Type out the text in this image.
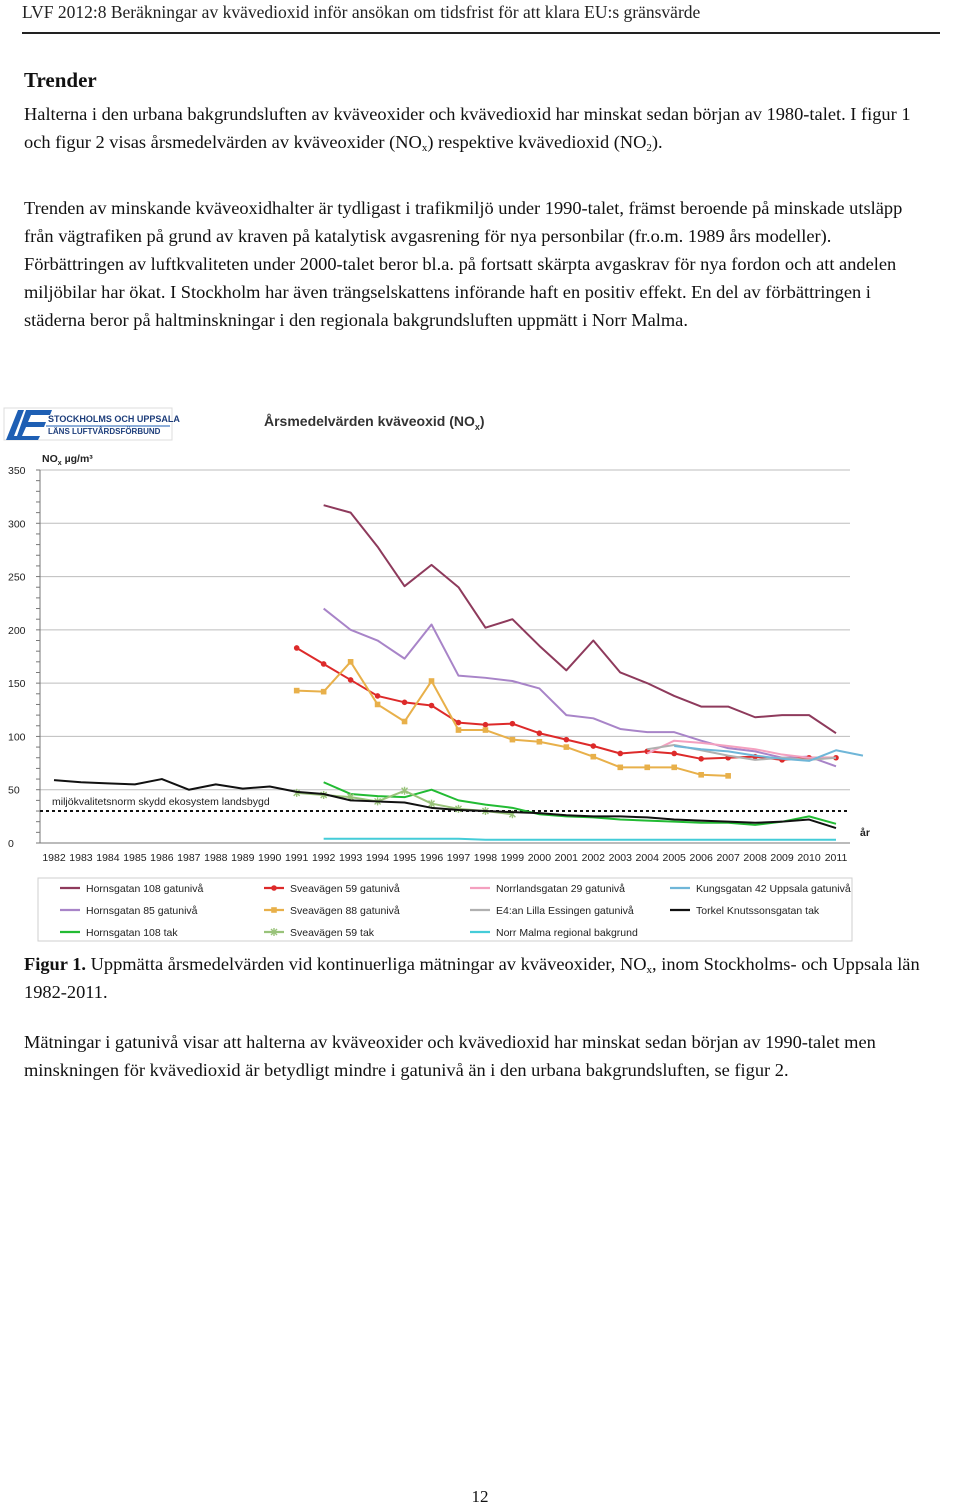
LVF 2012:8 Beräkningar av kvävedioxid inför ansökan om tidsfrist för att klara EU:s gränsvärde
Trender

Halterna i den urbana bakgrundsluften av kväveoxider och kvävedioxid har minskat sedan början av 1980-talet. I figur 1 och figur 2 visas årsmedelvärden av kväveoxider $(NO_x)$ respektive kvävedioxid $(NO_2)$.

Trenden av minskande kväveoxidhalter är tydligast i trafikmiljö under 1990-talet, främst beroende på minskade utsläpp från vägtrafiken på grund av kraven på katalytisk avgasrening för nya personbilar (fr.o.m. 1989 års modeller). Förbättringen av luftkvaliteten under 2000-talet beror bl.a. på fortsatt skärpta avgaskrav för nya fordon och att andelen miljöbilar har ökat. I Stockholm har även trängselskattens införande haft en positiv effekt. En del av förbättringen i städerna beror på haltminskningar i den regionala bakgrundsluften uppmätt i Norr Malma.

STOCKHOLMS OCH UPPSALA
LÄNS LUFTVÅRDSFÖRBUND
Årsmedelvärden kväveoxid $(NO_x)$
$NO_x$ µg/m³
år
0
50
100
150
200
250
300
350
1982 1983 1984 1985 1986 1987 1988 1989 1990 1991 1992 1993 1994 1995 1996 1997 1998 1999 2000 2001 2002 2003 2004 2005 2006 2007 2008 2009 2010 2011
miljökvalitetsnorm skydd ekosystem landsbygd
Hornsgatan 108 gatunivå
Hornsgatan 85 gatunivå
Hornsgatan 108 tak
Sveavägen 59 gatunivå
Sveavägen 88 gatunivå
Sveavägen 59 tak
Norrlandsgatan 29 gatunivå
E4:an Lilla Essingen gatunivå
Norr Malma regional bakgrund
Kungsgatan 42 Uppsala gatunivå
Torkel Knutssonsgatan tak

Figur 1. Uppmätta årsmedelvärden vid kontinuerliga mätningar av kväveoxider, $NO_x$, inom Stockholms- och Uppsala län 1982-2011.

Mätningar i gatunivå visar att halterna av kväveoxider och kvävedioxid har minskat sedan början av 1990-talet men minskningen för kvävedioxid är betydligt mindre i gatunivå än i den urbana bakgrundsluften, se figur 2.

12
